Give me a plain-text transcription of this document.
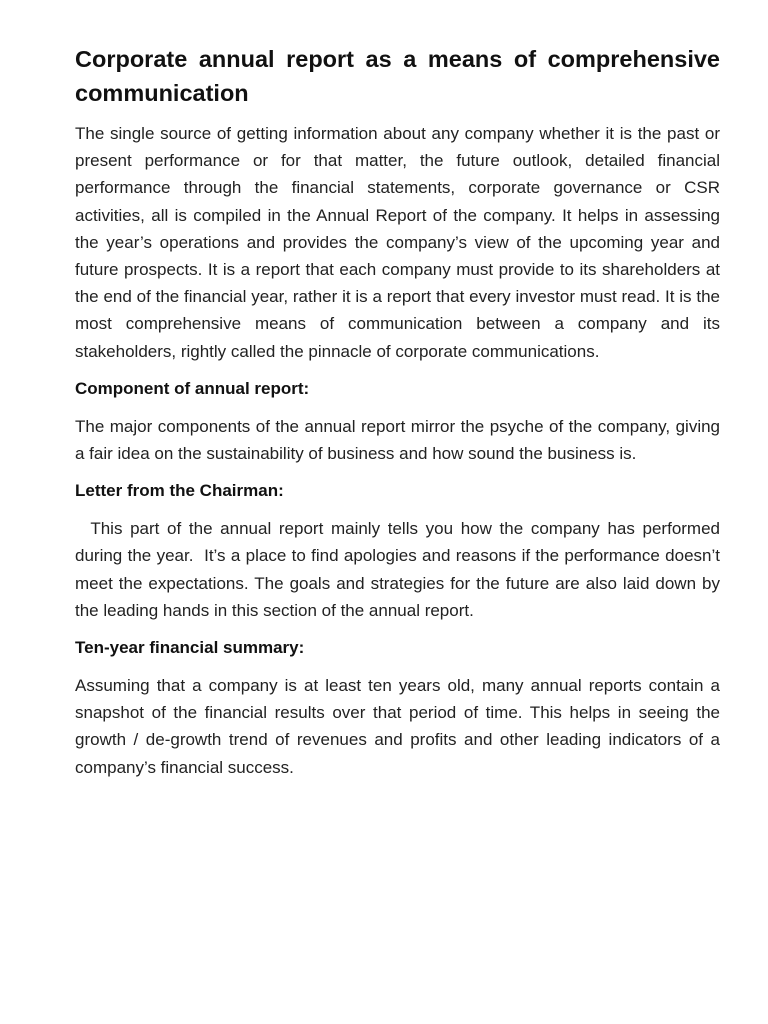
Corporate annual report as a means of comprehensive communication

The single source of getting information about any company whether it is the past or present performance or for that matter, the future outlook, detailed financial performance through the financial statements, corporate governance or CSR activities, all is compiled in the Annual Report of the company. It helps in assessing the year’s operations and provides the company’s view of the upcoming year and future prospects. It is a report that each company must provide to its shareholders at the end of the financial year, rather it is a report that every investor must read. It is the most comprehensive means of communication between a company and its stakeholders, rightly called the pinnacle of corporate communications.

Component of annual report:

The major components of the annual report mirror the psyche of the company, giving a fair idea on the sustainability of business and how sound the business is.

Letter from the Chairman:

This part of the annual report mainly tells you how the company has performed during the year.  It’s a place to find apologies and reasons if the performance doesn’t meet the expectations. The goals and strategies for the future are also laid down by the leading hands in this section of the annual report.

Ten-year financial summary:

Assuming that a company is at least ten years old, many annual reports contain a snapshot of the financial results over that period of time. This helps in seeing the growth / de-growth trend of revenues and profits and other leading indicators of a company’s financial success.
